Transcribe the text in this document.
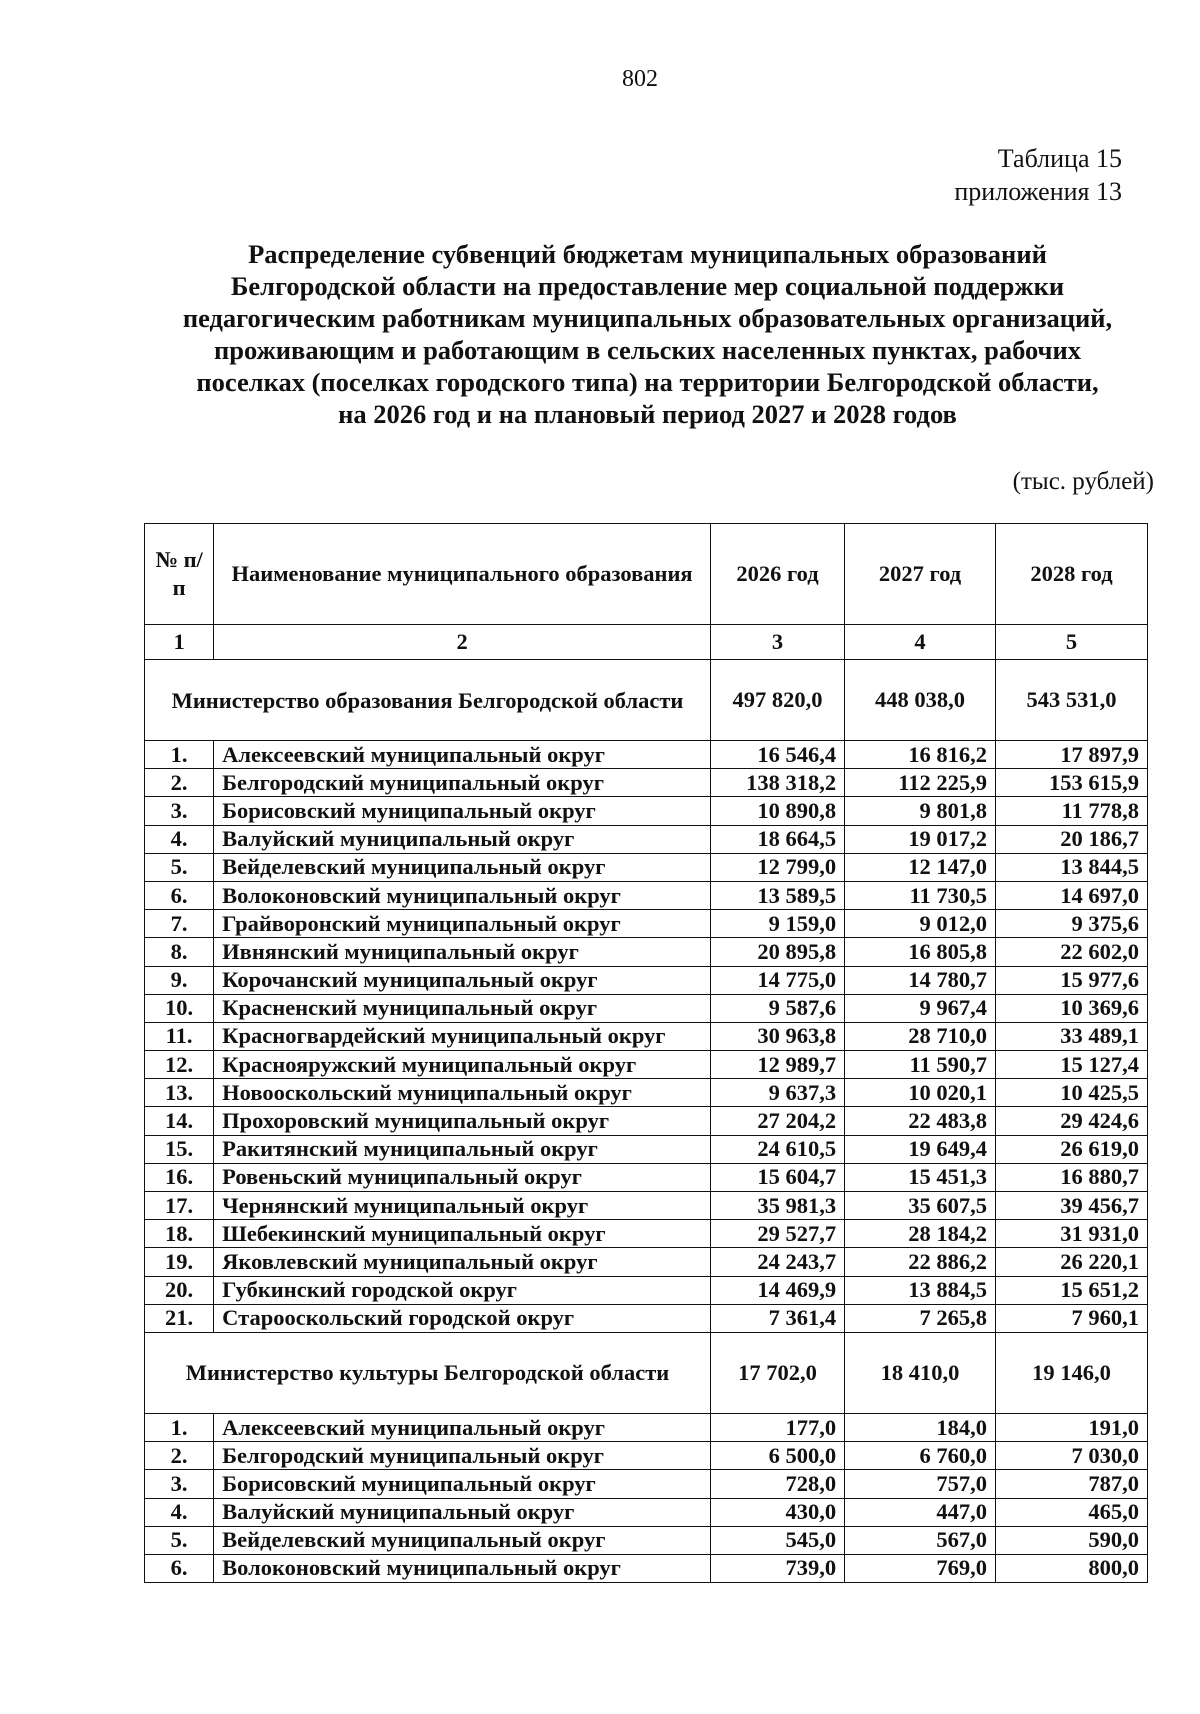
802
Таблица 15
приложения 13
Распределение субвенций бюджетам муниципальных образований
Белгородской области на предоставление мер социальной поддержки
педагогическим работникам муниципальных образовательных организаций,
проживающим и работающим в сельских населенных пунктах, рабочих
поселках (поселках городского типа) на территории Белгородской области,
на 2026 год и на плановый период 2027 и 2028 годов
(тыс. рублей)
№ п/п	Наименование муниципального образования	2026 год	2027 год	2028 год
1	2	3	4	5
Министерство образования Белгородской области		497 820,0	448 038,0	543 531,0
1.	Алексеевский муниципальный округ	16 546,4	16 816,2	17 897,9
2.	Белгородский муниципальный округ	138 318,2	112 225,9	153 615,9
3.	Борисовский муниципальный округ	10 890,8	9 801,8	11 778,8
4.	Валуйский муниципальный округ	18 664,5	19 017,2	20 186,7
5.	Вейделевский муниципальный округ	12 799,0	12 147,0	13 844,5
6.	Волоконовский муниципальный округ	13 589,5	11 730,5	14 697,0
7.	Грайворонский муниципальный округ	9 159,0	9 012,0	9 375,6
8.	Ивнянский муниципальный округ	20 895,8	16 805,8	22 602,0
9.	Корочанский муниципальный округ	14 775,0	14 780,7	15 977,6
10.	Красненский муниципальный округ	9 587,6	9 967,4	10 369,6
11.	Красногвардейский муниципальный округ	30 963,8	28 710,0	33 489,1
12.	Краснояружский муниципальный округ	12 989,7	11 590,7	15 127,4
13.	Новооскольский муниципальный округ	9 637,3	10 020,1	10 425,5
14.	Прохоровский муниципальный округ	27 204,2	22 483,8	29 424,6
15.	Ракитянский муниципальный округ	24 610,5	19 649,4	26 619,0
16.	Ровеньский муниципальный округ	15 604,7	15 451,3	16 880,7
17.	Чернянский муниципальный округ	35 981,3	35 607,5	39 456,7
18.	Шебекинский муниципальный округ	29 527,7	28 184,2	31 931,0
19.	Яковлевский муниципальный округ	24 243,7	22 886,2	26 220,1
20.	Губкинский городской округ	14 469,9	13 884,5	15 651,2
21.	Старооскольский городской округ	7 361,4	7 265,8	7 960,1
Министерство культуры Белгородской области		17 702,0	18 410,0	19 146,0
1.	Алексеевский муниципальный округ	177,0	184,0	191,0
2.	Белгородский муниципальный округ	6 500,0	6 760,0	7 030,0
3.	Борисовский муниципальный округ	728,0	757,0	787,0
4.	Валуйский муниципальный округ	430,0	447,0	465,0
5.	Вейделевский муниципальный округ	545,0	567,0	590,0
6.	Волоконовский муниципальный округ	739,0	769,0	800,0
